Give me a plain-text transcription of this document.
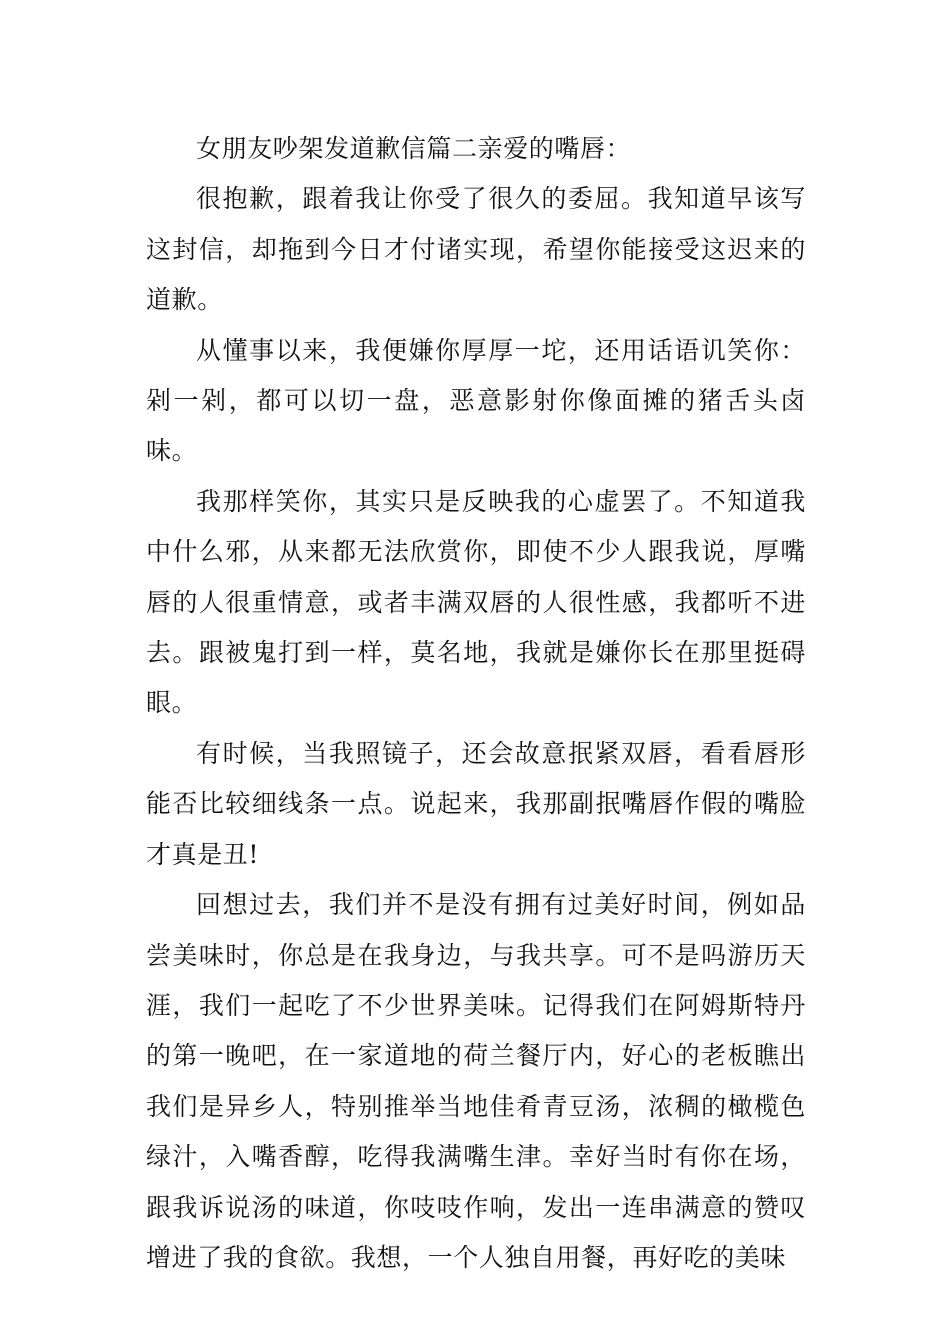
女朋友吵架发道歉信篇二亲爱的嘴唇：

很抱歉，跟着我让你受了很久的委屈。我知道早该写这封信，却拖到今日才付诸实现，希望你能接受这迟来的道歉。

从懂事以来，我便嫌你厚厚一坨，还用话语讥笑你：剁一剁，都可以切一盘，恶意影射你像面摊的猪舌头卤味。

我那样笑你，其实只是反映我的心虚罢了。不知道我中什么邪，从来都无法欣赏你，即使不少人跟我说，厚嘴唇的人很重情意，或者丰满双唇的人很性感，我都听不进去。跟被鬼打到一样，莫名地，我就是嫌你长在那里挺碍眼。

有时候，当我照镜子，还会故意抿紧双唇，看看唇形能否比较细线条一点。说起来，我那副抿嘴唇作假的嘴脸才真是丑!

回想过去，我们并不是没有拥有过美好时间，例如品尝美味时，你总是在我身边，与我共享。可不是吗游历天涯，我们一起吃了不少世界美味。记得我们在阿姆斯特丹的第一晚吧，在一家道地的荷兰餐厅内，好心的老板瞧出我们是异乡人，特别推举当地佳肴青豆汤，浓稠的橄榄色绿汁，入嘴香醇，吃得我满嘴生津。幸好当时有你在场，跟我诉说汤的味道，你吱吱作响，发出一连串满意的赞叹增进了我的食欲。我想，一个人独自用餐，再好吃的美味
